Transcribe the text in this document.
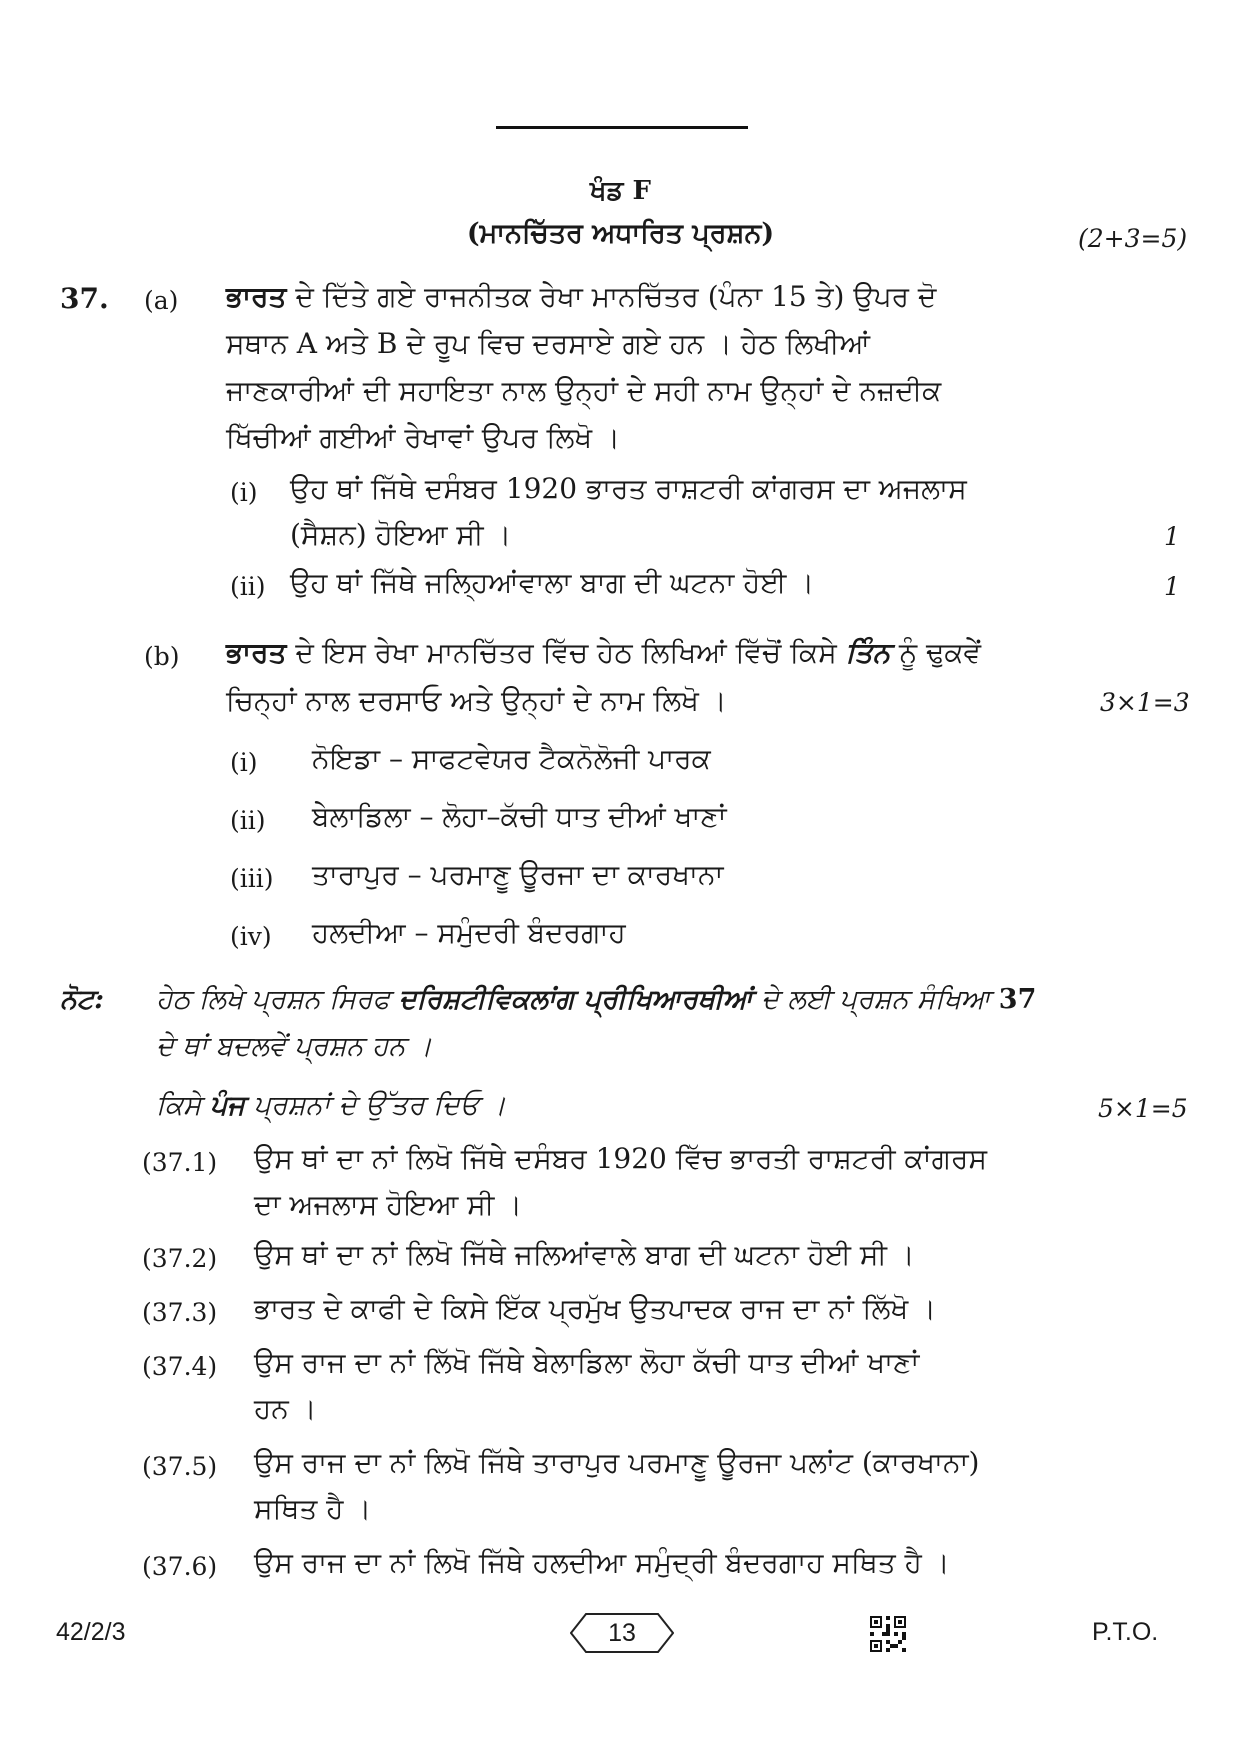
ਖੰਡ F
(ਮਾਨਚਿੱਤਰ ਅਧਾਰਿਤ ਪ੍ਰਸ਼ਨ)	(2+3=5)
37. (a) ਭਾਰਤ ਦੇ ਦਿੱਤੇ ਗਏ ਰਾਜਨੀਤਕ ਰੇਖਾ ਮਾਨਚਿੱਤਰ (ਪੰਨਾ 15 ਤੇ) ਉਪਰ ਦੋ
ਸਥਾਨ A ਅਤੇ B ਦੇ ਰੂਪ ਵਿਚ ਦਰਸਾਏ ਗਏ ਹਨ । ਹੇਠ ਲਿਖੀਆਂ
ਜਾਣਕਾਰੀਆਂ ਦੀ ਸਹਾਇਤਾ ਨਾਲ ਉਨ੍ਹਾਂ ਦੇ ਸਹੀ ਨਾਮ ਉਨ੍ਹਾਂ ਦੇ ਨਜ਼ਦੀਕ
ਖਿੱਚੀਆਂ ਗਈਆਂ ਰੇਖਾਵਾਂ ਉਪਰ ਲਿਖੋ ।
(i) ਉਹ ਥਾਂ ਜਿੱਥੇ ਦਸੰਬਰ 1920 ਭਾਰਤ ਰਾਸ਼ਟਰੀ ਕਾਂਗਰਸ ਦਾ ਅਜਲਾਸ
(ਸੈਸ਼ਨ) ਹੋਇਆ ਸੀ ।	1
(ii) ਉਹ ਥਾਂ ਜਿੱਥੇ ਜਲ੍ਹਿਆਂਵਾਲਾ ਬਾਗ ਦੀ ਘਟਨਾ ਹੋਈ ।	1
(b) ਭਾਰਤ ਦੇ ਇਸ ਰੇਖਾ ਮਾਨਚਿੱਤਰ ਵਿੱਚ ਹੇਠ ਲਿਖਿਆਂ ਵਿੱਚੋਂ ਕਿਸੇ ਤਿੰਨ ਨੂੰ ਢੁਕਵੇਂ
ਚਿਨ੍ਹਾਂ ਨਾਲ ਦਰਸਾਓ ਅਤੇ ਉਨ੍ਹਾਂ ਦੇ ਨਾਮ ਲਿਖੋ ।	3×1=3
(i) ਨੋਇਡਾ – ਸਾਫਟਵੇਯਰ ਟੈਕਨੋਲੋਜੀ ਪਾਰਕ
(ii) ਬੇਲਾਡਿਲਾ – ਲੋਹਾ–ਕੱਚੀ ਧਾਤ ਦੀਆਂ ਖਾਣਾਂ
(iii) ਤਾਰਾਪੁਰ – ਪਰਮਾਣੂ ਊਰਜਾ ਦਾ ਕਾਰਖਾਨਾ
(iv) ਹਲਦੀਆ – ਸਮੁੰਦਰੀ ਬੰਦਰਗਾਹ
ਨੋਟ: ਹੇਠ ਲਿਖੇ ਪ੍ਰਸ਼ਨ ਸਿਰਫ ਦਰਿਸ਼ਟੀਵਿਕਲਾਂਗ ਪ੍ਰੀਖਿਆਰਥੀਆਂ ਦੇ ਲਈ ਪ੍ਰਸ਼ਨ ਸੰਖਿਆ 37
ਦੇ ਥਾਂ ਬਦਲਵੇਂ ਪ੍ਰਸ਼ਨ ਹਨ ।
ਕਿਸੇ ਪੰਜ ਪ੍ਰਸ਼ਨਾਂ ਦੇ ਉੱਤਰ ਦਿਓ ।	5×1=5
(37.1) ਉਸ ਥਾਂ ਦਾ ਨਾਂ ਲਿਖੋ ਜਿੱਥੇ ਦਸੰਬਰ 1920 ਵਿੱਚ ਭਾਰਤੀ ਰਾਸ਼ਟਰੀ ਕਾਂਗਰਸ
ਦਾ ਅਜਲਾਸ ਹੋਇਆ ਸੀ ।
(37.2) ਉਸ ਥਾਂ ਦਾ ਨਾਂ ਲਿਖੋ ਜਿੱਥੇ ਜਲਿਆਂਵਾਲੇ ਬਾਗ ਦੀ ਘਟਨਾ ਹੋਈ ਸੀ ।
(37.3) ਭਾਰਤ ਦੇ ਕਾਫੀ ਦੇ ਕਿਸੇ ਇੱਕ ਪ੍ਰਮੁੱਖ ਉਤਪਾਦਕ ਰਾਜ ਦਾ ਨਾਂ ਲਿੱਖੋ ।
(37.4) ਉਸ ਰਾਜ ਦਾ ਨਾਂ ਲਿੱਖੋ ਜਿੱਥੇ ਬੇਲਾਡਿਲਾ ਲੋਹਾ ਕੱਚੀ ਧਾਤ ਦੀਆਂ ਖਾਣਾਂ
ਹਨ ।
(37.5) ਉਸ ਰਾਜ ਦਾ ਨਾਂ ਲਿਖੋ ਜਿੱਥੇ ਤਾਰਾਪੁਰ ਪਰਮਾਣੂ ਊਰਜਾ ਪਲਾਂਟ (ਕਾਰਖਾਨਾ)
ਸਥਿਤ ਹੈ ।
(37.6) ਉਸ ਰਾਜ ਦਾ ਨਾਂ ਲਿਖੋ ਜਿੱਥੇ ਹਲਦੀਆ ਸਮੁੰਦ੍ਰੀ ਬੰਦਰਗਾਹ ਸਥਿਤ ਹੈ ।
42/2/3	13	P.T.O.
